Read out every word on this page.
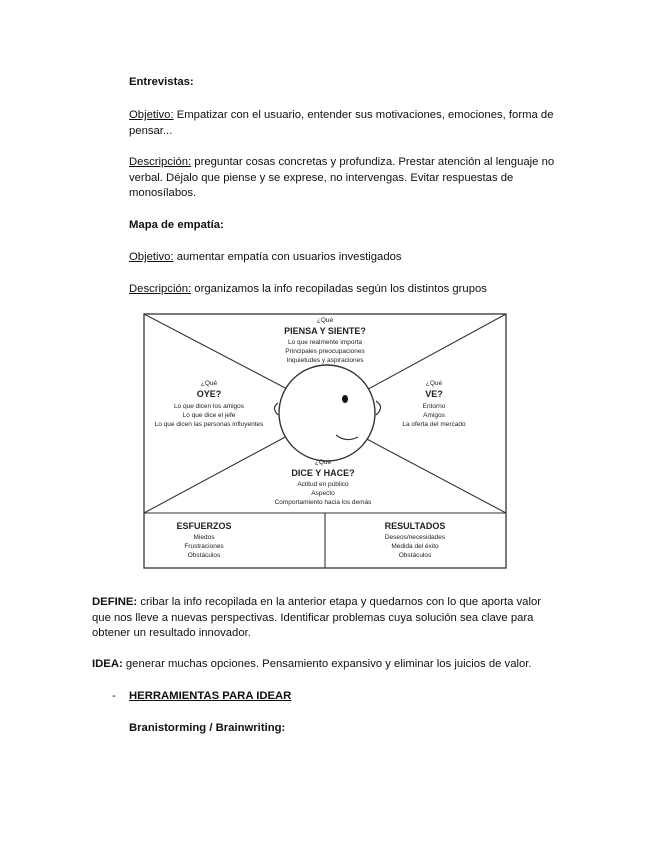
Entrevistas:

Objetivo: Empatizar con el usuario, entender sus motivaciones, emociones, forma de pensar...

Descripción: preguntar cosas concretas y profundiza. Prestar atención al lenguaje no verbal. Déjalo que piense y se exprese, no intervengas. Evitar respuestas de monosílabos.

Mapa de empatía:

Objetivo: aumentar empatía con usuarios investigados

Descripción: organizamos la info recopiladas según los distintos grupos

¿Qué
PIENSA Y SIENTE?
Lo que realmente importa
Principales preocupaciones
Inquietudes y aspiraciones
¿Qué
OYE?
Lo que dicen los amigos
Lo que dice el jefe
Lo que dicen las personas influyentes
¿Qué
VE?
Entorno
Amigos
La oferta del mercado
¿Qué
DICE Y HACE?
Actitud en público
Aspecto
Comportamiento hacia los demás
ESFUERZOS
Miedos
Frustraciones
Obstáculos
RESULTADOS
Deseos/necesidades
Medida del éxito
Obstáculos

DEFINE: cribar la info recopilada en la anterior etapa y quedarnos con lo que aporta valor que nos lleve a nuevas perspectivas. Identificar problemas cuya solución sea clave para obtener un resultado innovador.

IDEA: generar muchas opciones. Pensamiento expansivo y eliminar los juicios de valor.

- HERRAMIENTAS PARA IDEAR

Branistorming / Brainwriting:
